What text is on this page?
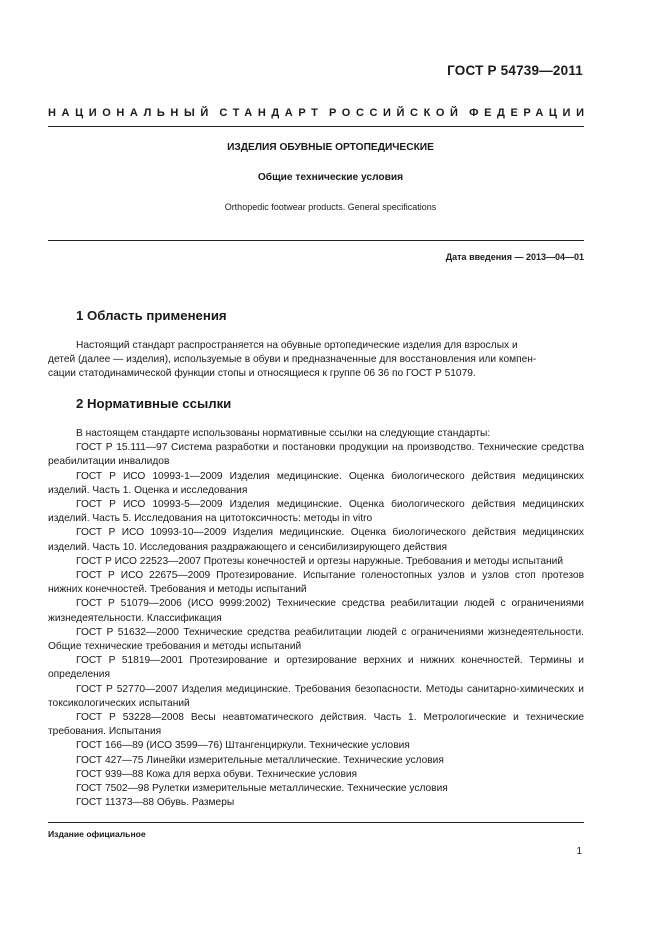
ГОСТ Р 54739—2011
НАЦИОНАЛЬНЫЙ СТАНДАРТ РОССИЙСКОЙ ФЕДЕРАЦИИ
ИЗДЕЛИЯ ОБУВНЫЕ ОРТОПЕДИЧЕСКИЕ
Общие технические условия
Orthopedic footwear products. General specifications
Дата введения — 2013—04—01
1 Область применения
Настоящий стандарт распространяется на обувные ортопедические изделия для взрослых и
детей (далее — изделия), используемые в обуви и предназначенные для восстановления или компен-
сации статодинамической функции стопы и относящиеся к группе 06 36 по ГОСТ Р 51079.
2 Нормативные ссылки

В настоящем стандарте использованы нормативные ссылки на следующие стандарты:

ГОСТ Р 15.111—97 Система разработки и постановки продукции на производство. Технические средства реабилитации инвалидов

ГОСТ Р ИСО 10993-1—2009 Изделия медицинские. Оценка биологического действия медицинских изделий. Часть 1. Оценка и исследования

ГОСТ Р ИСО 10993-5—2009 Изделия медицинские. Оценка биологического действия медицинских изделий. Часть 5. Исследования на цитотоксичность: методы in vitro

ГОСТ Р ИСО 10993-10—2009 Изделия медицинские. Оценка биологического действия медицинских изделий. Часть 10. Исследования раздражающего и сенсибилизирующего действия

ГОСТ Р ИСО 22523—2007 Протезы конечностей и ортезы наружные. Требования и методы испытаний

ГОСТ Р ИСО 22675—2009 Протезирование. Испытание голеностопных узлов и узлов стоп протезов нижних конечностей. Требования и методы испытаний

ГОСТ Р 51079—2006 (ИСО 9999:2002) Технические средства реабилитации людей с ограничениями жизнедеятельности. Классификация

ГОСТ Р 51632—2000 Технические средства реабилитации людей с ограничениями жизнедеятельности. Общие технические требования и методы испытаний

ГОСТ Р 51819—2001 Протезирование и ортезирование верхних и нижних конечностей. Термины и определения

ГОСТ Р 52770—2007 Изделия медицинские. Требования безопасности. Методы санитарно-химических и токсикологических испытаний

ГОСТ Р 53228—2008 Весы неавтоматического действия. Часть 1. Метрологические и технические требования. Испытания

ГОСТ 166—89 (ИСО 3599—76) Штангенциркули. Технические условия

ГОСТ 427—75 Линейки измерительные металлические. Технические условия

ГОСТ 939—88 Кожа для верха обуви. Технические условия

ГОСТ 7502—98 Рулетки измерительные металлические. Технические условия

ГОСТ 11373—88 Обувь. Размеры

Издание официальное
1
